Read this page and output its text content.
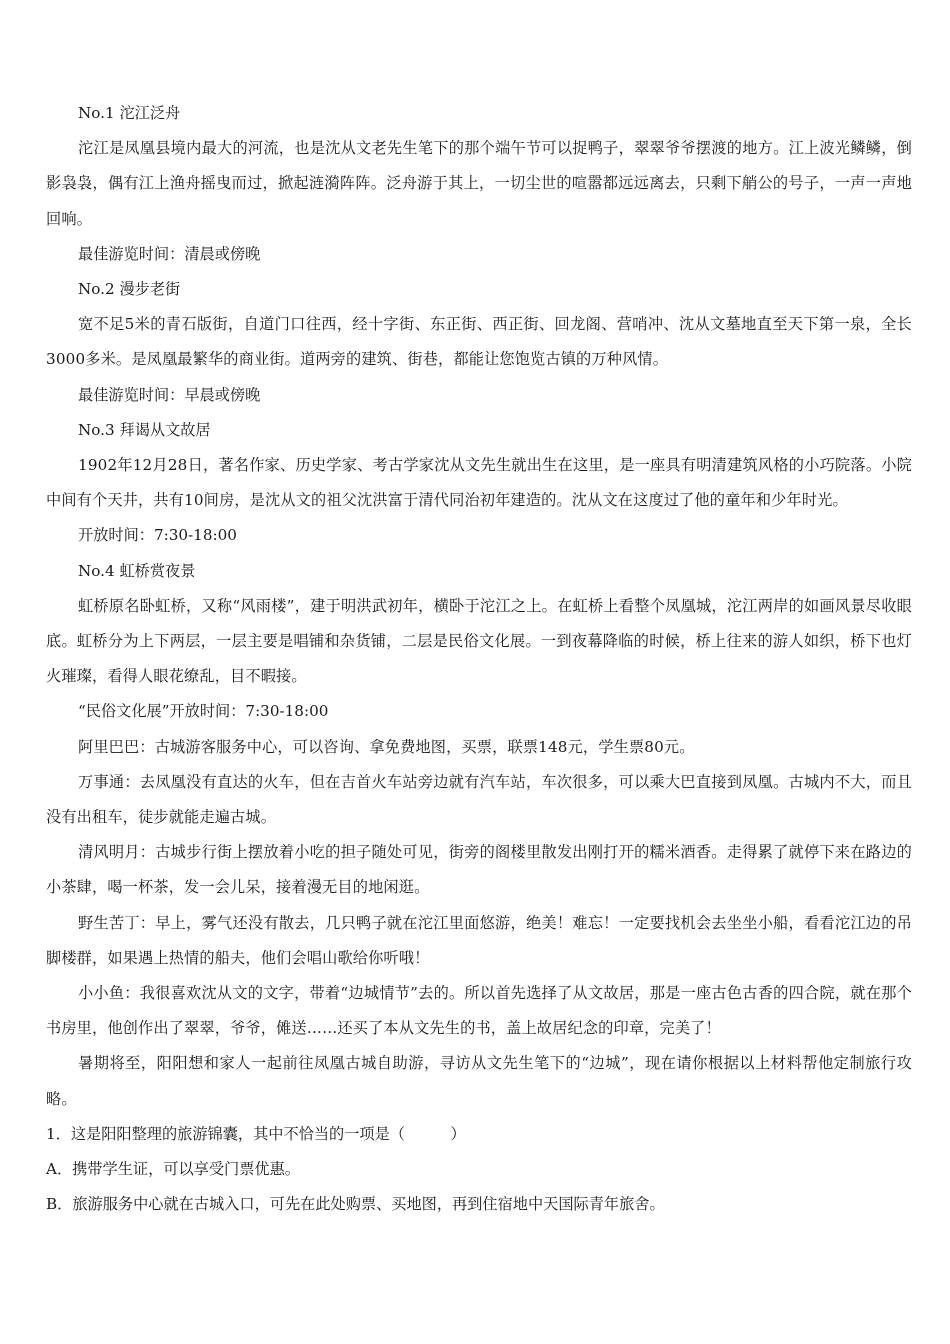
No.1 沱江泛舟

沱江是凤凰县境内最大的河流，也是沈从文老先生笔下的那个端午节可以捉鸭子，翠翠爷爷摆渡的地方。江上波光鳞鳞，倒影袅袅，偶有江上渔舟摇曳而过，掀起涟漪阵阵。泛舟游于其上，一切尘世的喧嚣都远远离去，只剩下艄公的号子，一声一声地回响。

最佳游览时间：清晨或傍晚

No.2 漫步老街

宽不足5米的青石版街，自道门口往西，经十字街、东正街、西正街、回龙阁、营哨冲、沈从文墓地直至天下第一泉，全长3000多米。是凤凰最繁华的商业街。道两旁的建筑、街巷，都能让您饱览古镇的万种风情。

最佳游览时间：早晨或傍晚

No.3 拜谒从文故居

1902年12月28日，著名作家、历史学家、考古学家沈从文先生就出生在这里，是一座具有明清建筑风格的小巧院落。小院中间有个天井，共有10间房，是沈从文的祖父沈洪富于清代同治初年建造的。沈从文在这度过了他的童年和少年时光。

开放时间：7:30-18:00

No.4 虹桥赏夜景

虹桥原名卧虹桥，又称“风雨楼”，建于明洪武初年，横卧于沱江之上。在虹桥上看整个凤凰城，沱江两岸的如画风景尽收眼底。虹桥分为上下两层，一层主要是唱铺和杂货铺，二层是民俗文化展。一到夜幕降临的时候，桥上往来的游人如织，桥下也灯火璀璨，看得人眼花缭乱，目不暇接。

“民俗文化展”开放时间：7:30-18:00

阿里巴巴：古城游客服务中心，可以咨询、拿免费地图，买票，联票148元，学生票80元。

万事通：去凤凰没有直达的火车，但在吉首火车站旁边就有汽车站，车次很多，可以乘大巴直接到凤凰。古城内不大，而且没有出租车，徒步就能走遍古城。

清风明月：古城步行街上摆放着小吃的担子随处可见，街旁的阁楼里散发出刚打开的糯米酒香。走得累了就停下来在路边的小茶肆，喝一杯茶，发一会儿呆，接着漫无目的地闲逛。

野生苦丁：早上，雾气还没有散去，几只鸭子就在沱江里面悠游，绝美！难忘！一定要找机会去坐坐小船，看看沱江边的吊脚楼群，如果遇上热情的船夫，他们会唱山歌给你听哦！

小小鱼：我很喜欢沈从文的文字，带着“边城情节”去的。所以首先选择了从文故居，那是一座古色古香的四合院，就在那个书房里，他创作出了翠翠，爷爷，傩送……还买了本从文先生的书，盖上故居纪念的印章，完美了！

暑期将至，阳阳想和家人一起前往凤凰古城自助游，寻访从文先生笔下的“边城”，现在请你根据以上材料帮他定制旅行攻略。

1．这是阳阳整理的旅游锦囊，其中不恰当的一项是（　　　）

A．携带学生证，可以享受门票优惠。

B．旅游服务中心就在古城入口，可先在此处购票、买地图，再到住宿地中天国际青年旅舍。
